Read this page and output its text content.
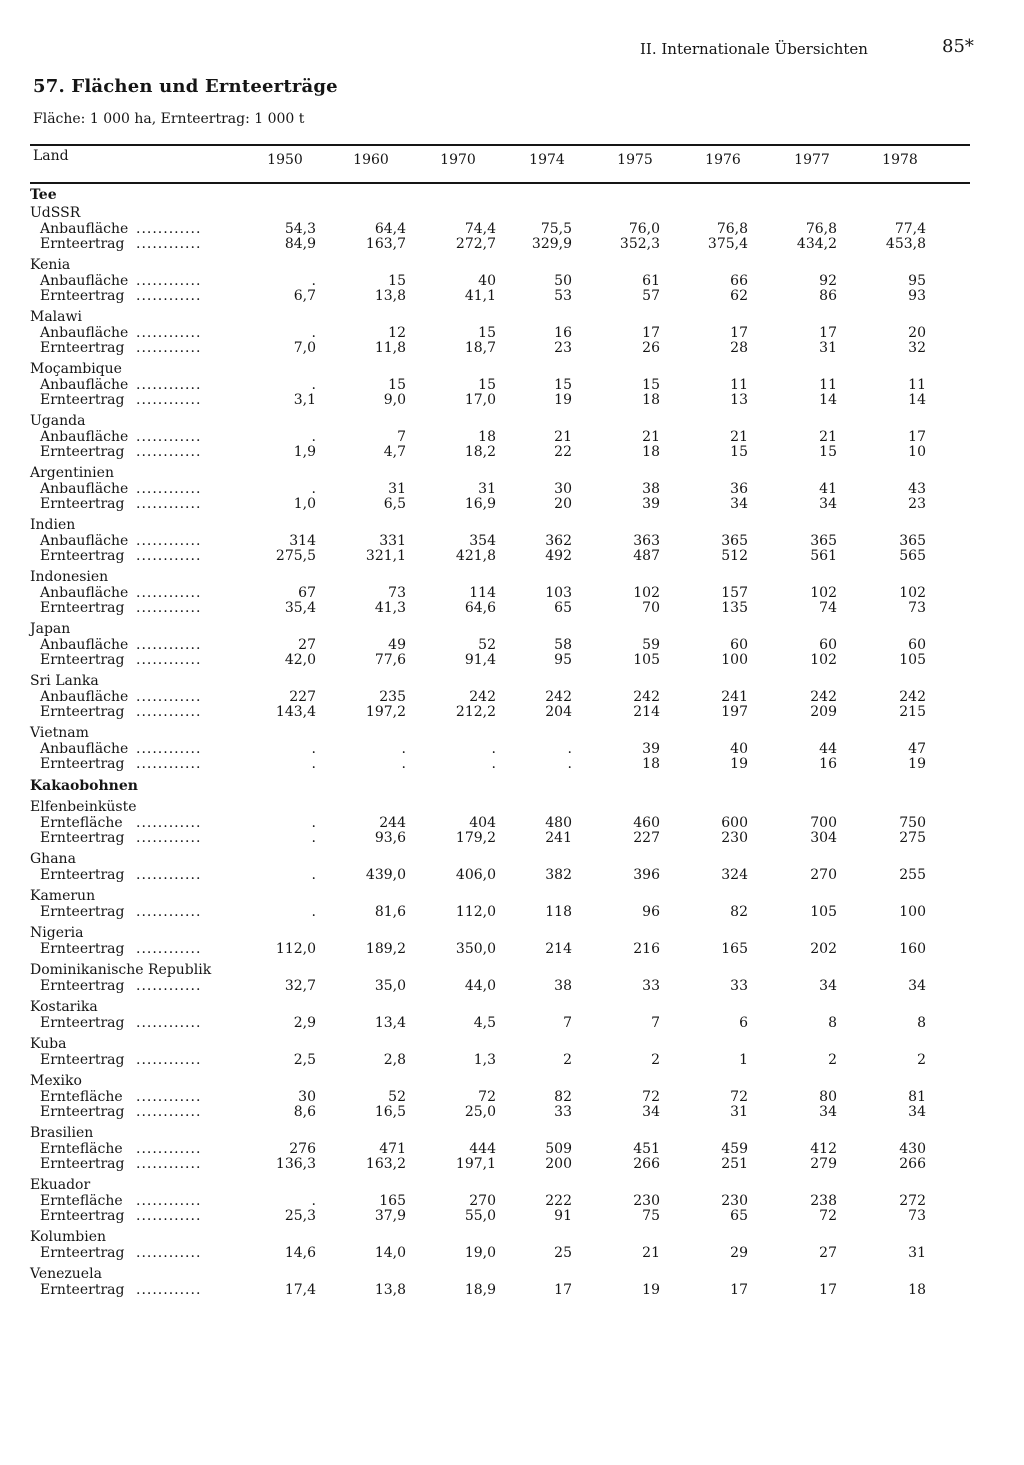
II. Internationale Übersichten	85*
57. Flächen und Ernteerträge
Fläche: 1 000 ha, Ernteertrag: 1 000 t
Land	1950	1960	1970	1974	1975	1976	1977	1978
Tee
UdSSR
Anbaufläche ............	54,3	64,4	74,4	75,5	76,0	76,8	76,8	77,4
Ernteertrag ............	84,9	163,7	272,7	329,9	352,3	375,4	434,2	453,8
Kenia
Anbaufläche ............	.	15	40	50	61	66	92	95
Ernteertrag ............	6,7	13,8	41,1	53	57	62	86	93
Malawi
Anbaufläche ............	.	12	15	16	17	17	17	20
Ernteertrag ............	7,0	11,8	18,7	23	26	28	31	32
Moçambique
Anbaufläche ............	.	15	15	15	15	11	11	11
Ernteertrag ............	3,1	9,0	17,0	19	18	13	14	14
Uganda
Anbaufläche ............	.	7	18	21	21	21	21	17
Ernteertrag ............	1,9	4,7	18,2	22	18	15	15	10
Argentinien
Anbaufläche ............	.	31	31	30	38	36	41	43
Ernteertrag ............	1,0	6,5	16,9	20	39	34	34	23
Indien
Anbaufläche ............	314	331	354	362	363	365	365	365
Ernteertrag ............	275,5	321,1	421,8	492	487	512	561	565
Indonesien
Anbaufläche ............	67	73	114	103	102	157	102	102
Ernteertrag ............	35,4	41,3	64,6	65	70	135	74	73
Japan
Anbaufläche ............	27	49	52	58	59	60	60	60
Ernteertrag ............	42,0	77,6	91,4	95	105	100	102	105
Sri Lanka
Anbaufläche ............	227	235	242	242	242	241	242	242
Ernteertrag ............	143,4	197,2	212,2	204	214	197	209	215
Vietnam
Anbaufläche ............	.	.	.	.	39	40	44	47
Ernteertrag ............	.	.	.	.	18	19	16	19
Kakaobohnen
Elfenbeinküste
Erntefläche ............	.	244	404	480	460	600	700	750
Ernteertrag ............	.	93,6	179,2	241	227	230	304	275
Ghana
Ernteertrag ............	.	439,0	406,0	382	396	324	270	255
Kamerun
Ernteertrag ............	.	81,6	112,0	118	96	82	105	100
Nigeria
Ernteertrag ............	112,0	189,2	350,0	214	216	165	202	160
Dominikanische Republik
Ernteertrag ............	32,7	35,0	44,0	38	33	33	34	34
Kostarika
Ernteertrag ............	2,9	13,4	4,5	7	7	6	8	8
Kuba
Ernteertrag ............	2,5	2,8	1,3	2	2	1	2	2
Mexiko
Erntefläche ............	30	52	72	82	72	72	80	81
Ernteertrag ............	8,6	16,5	25,0	33	34	31	34	34
Brasilien
Erntefläche ............	276	471	444	509	451	459	412	430
Ernteertrag ............	136,3	163,2	197,1	200	266	251	279	266
Ekuador
Erntefläche ............	.	165	270	222	230	230	238	272
Ernteertrag ............	25,3	37,9	55,0	91	75	65	72	73
Kolumbien
Ernteertrag ............	14,6	14,0	19,0	25	21	29	27	31
Venezuela
Ernteertrag ............	17,4	13,8	18,9	17	19	17	17	18
